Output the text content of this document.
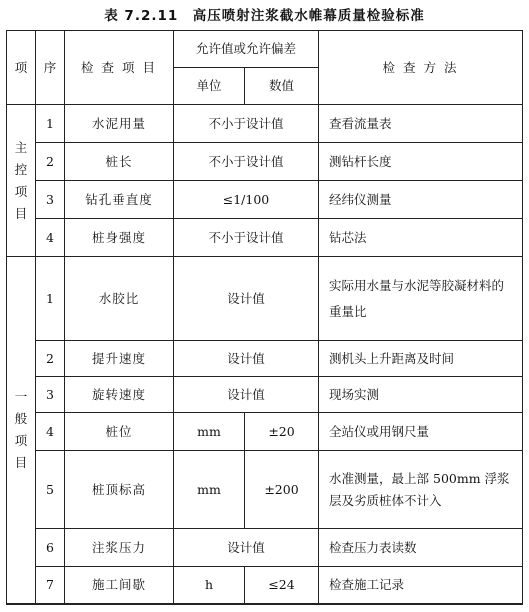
表 7.2.11　高压喷射注浆截水帷幕质量检验标准
项	序	检 查 项 目	允许值或允许偏差		检 查 方 法
			单位	数值	

主
控
项
目	1	水泥用量	不小于设计值		查看流量表
	2	桩长	不小于设计值		测钻杆长度
	3	钻孔垂直度	≤1/100		经纬仪测量
	4	桩身强度	不小于设计值		钻芯法

一
般
项
目	1	水胶比	设计值		实际用水量与水泥等胶凝材料的重量比
	2	提升速度	设计值		测机头上升距离及时间
	3	旋转速度	设计值		现场实测
	4	桩位	mm	±20	全站仪或用钢尺量
	5	桩顶标高	mm	±200	水准测量，最上部 500mm 浮浆层及劣质桩体不计入
	6	注浆压力	设计值		检查压力表读数
	7	施工间歇	h	≤24	检查施工记录
